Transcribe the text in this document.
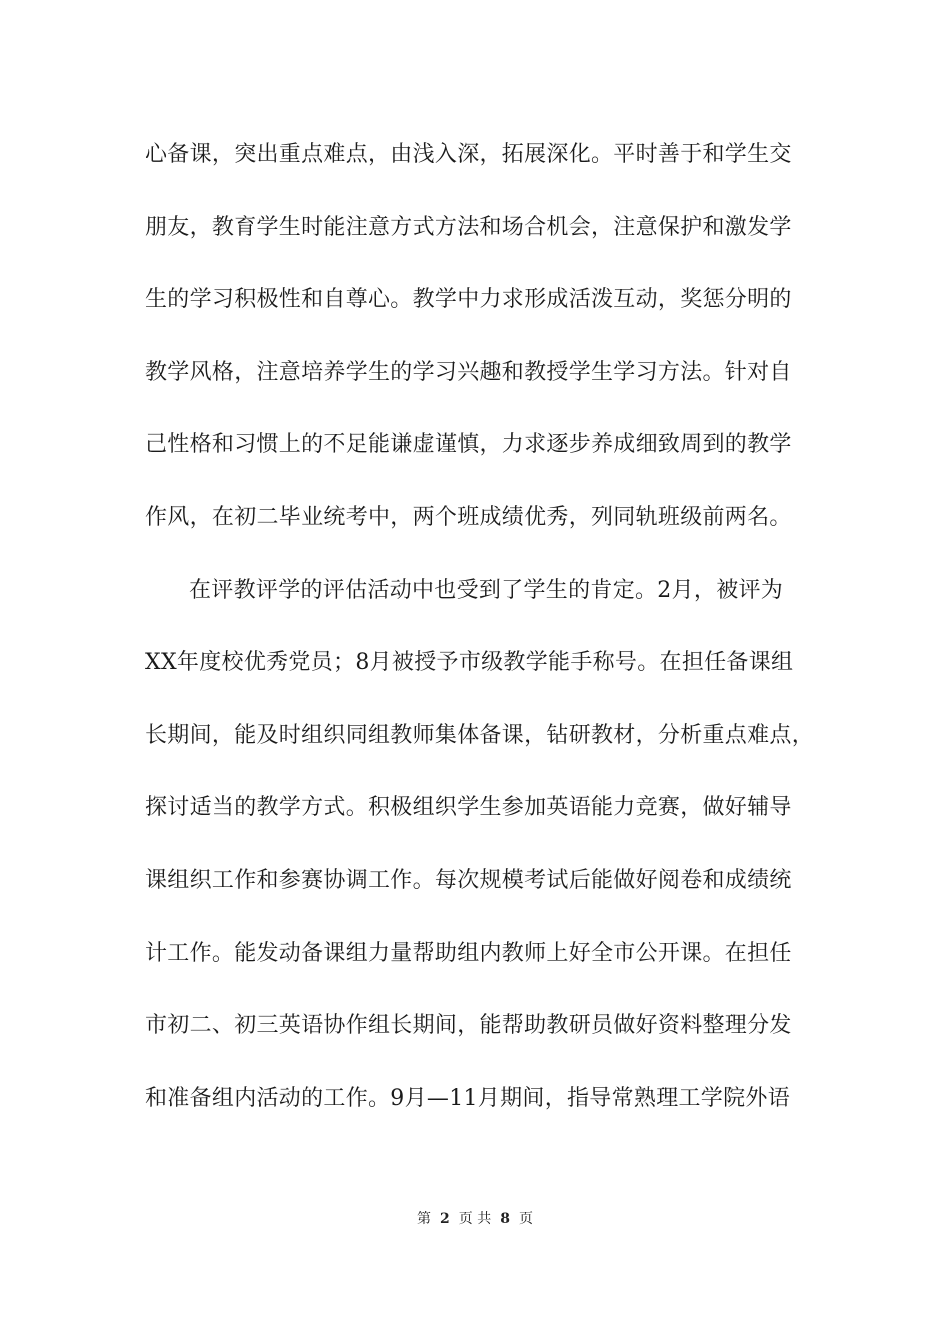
心备课，突出重点难点，由浅入深，拓展深化。平时善于和学生交
朋友，教育学生时能注意方式方法和场合机会，注意保护和激发学
生的学习积极性和自尊心。教学中力求形成活泼互动，奖惩分明的
教学风格，注意培养学生的学习兴趣和教授学生学习方法。针对自
己性格和习惯上的不足能谦虚谨慎，力求逐步养成细致周到的教学
作风，在初二毕业统考中，两个班成绩优秀，列同轨班级前两名。
在评教评学的评估活动中也受到了学生的肯定。2月，被评为
XX年度校优秀党员；8月被授予市级教学能手称号。在担任备课组
长期间，能及时组织同组教师集体备课，钻研教材，分析重点难点，
探讨适当的教学方式。积极组织学生参加英语能力竞赛，做好辅导
课组织工作和参赛协调工作。每次规模考试后能做好阅卷和成绩统
计工作。能发动备课组力量帮助组内教师上好全市公开课。在担任
市初二、初三英语协作组长期间，能帮助教研员做好资料整理分发
和准备组内活动的工作。9月—11月期间，指导常熟理工学院外语
第 2 页 共 8 页
